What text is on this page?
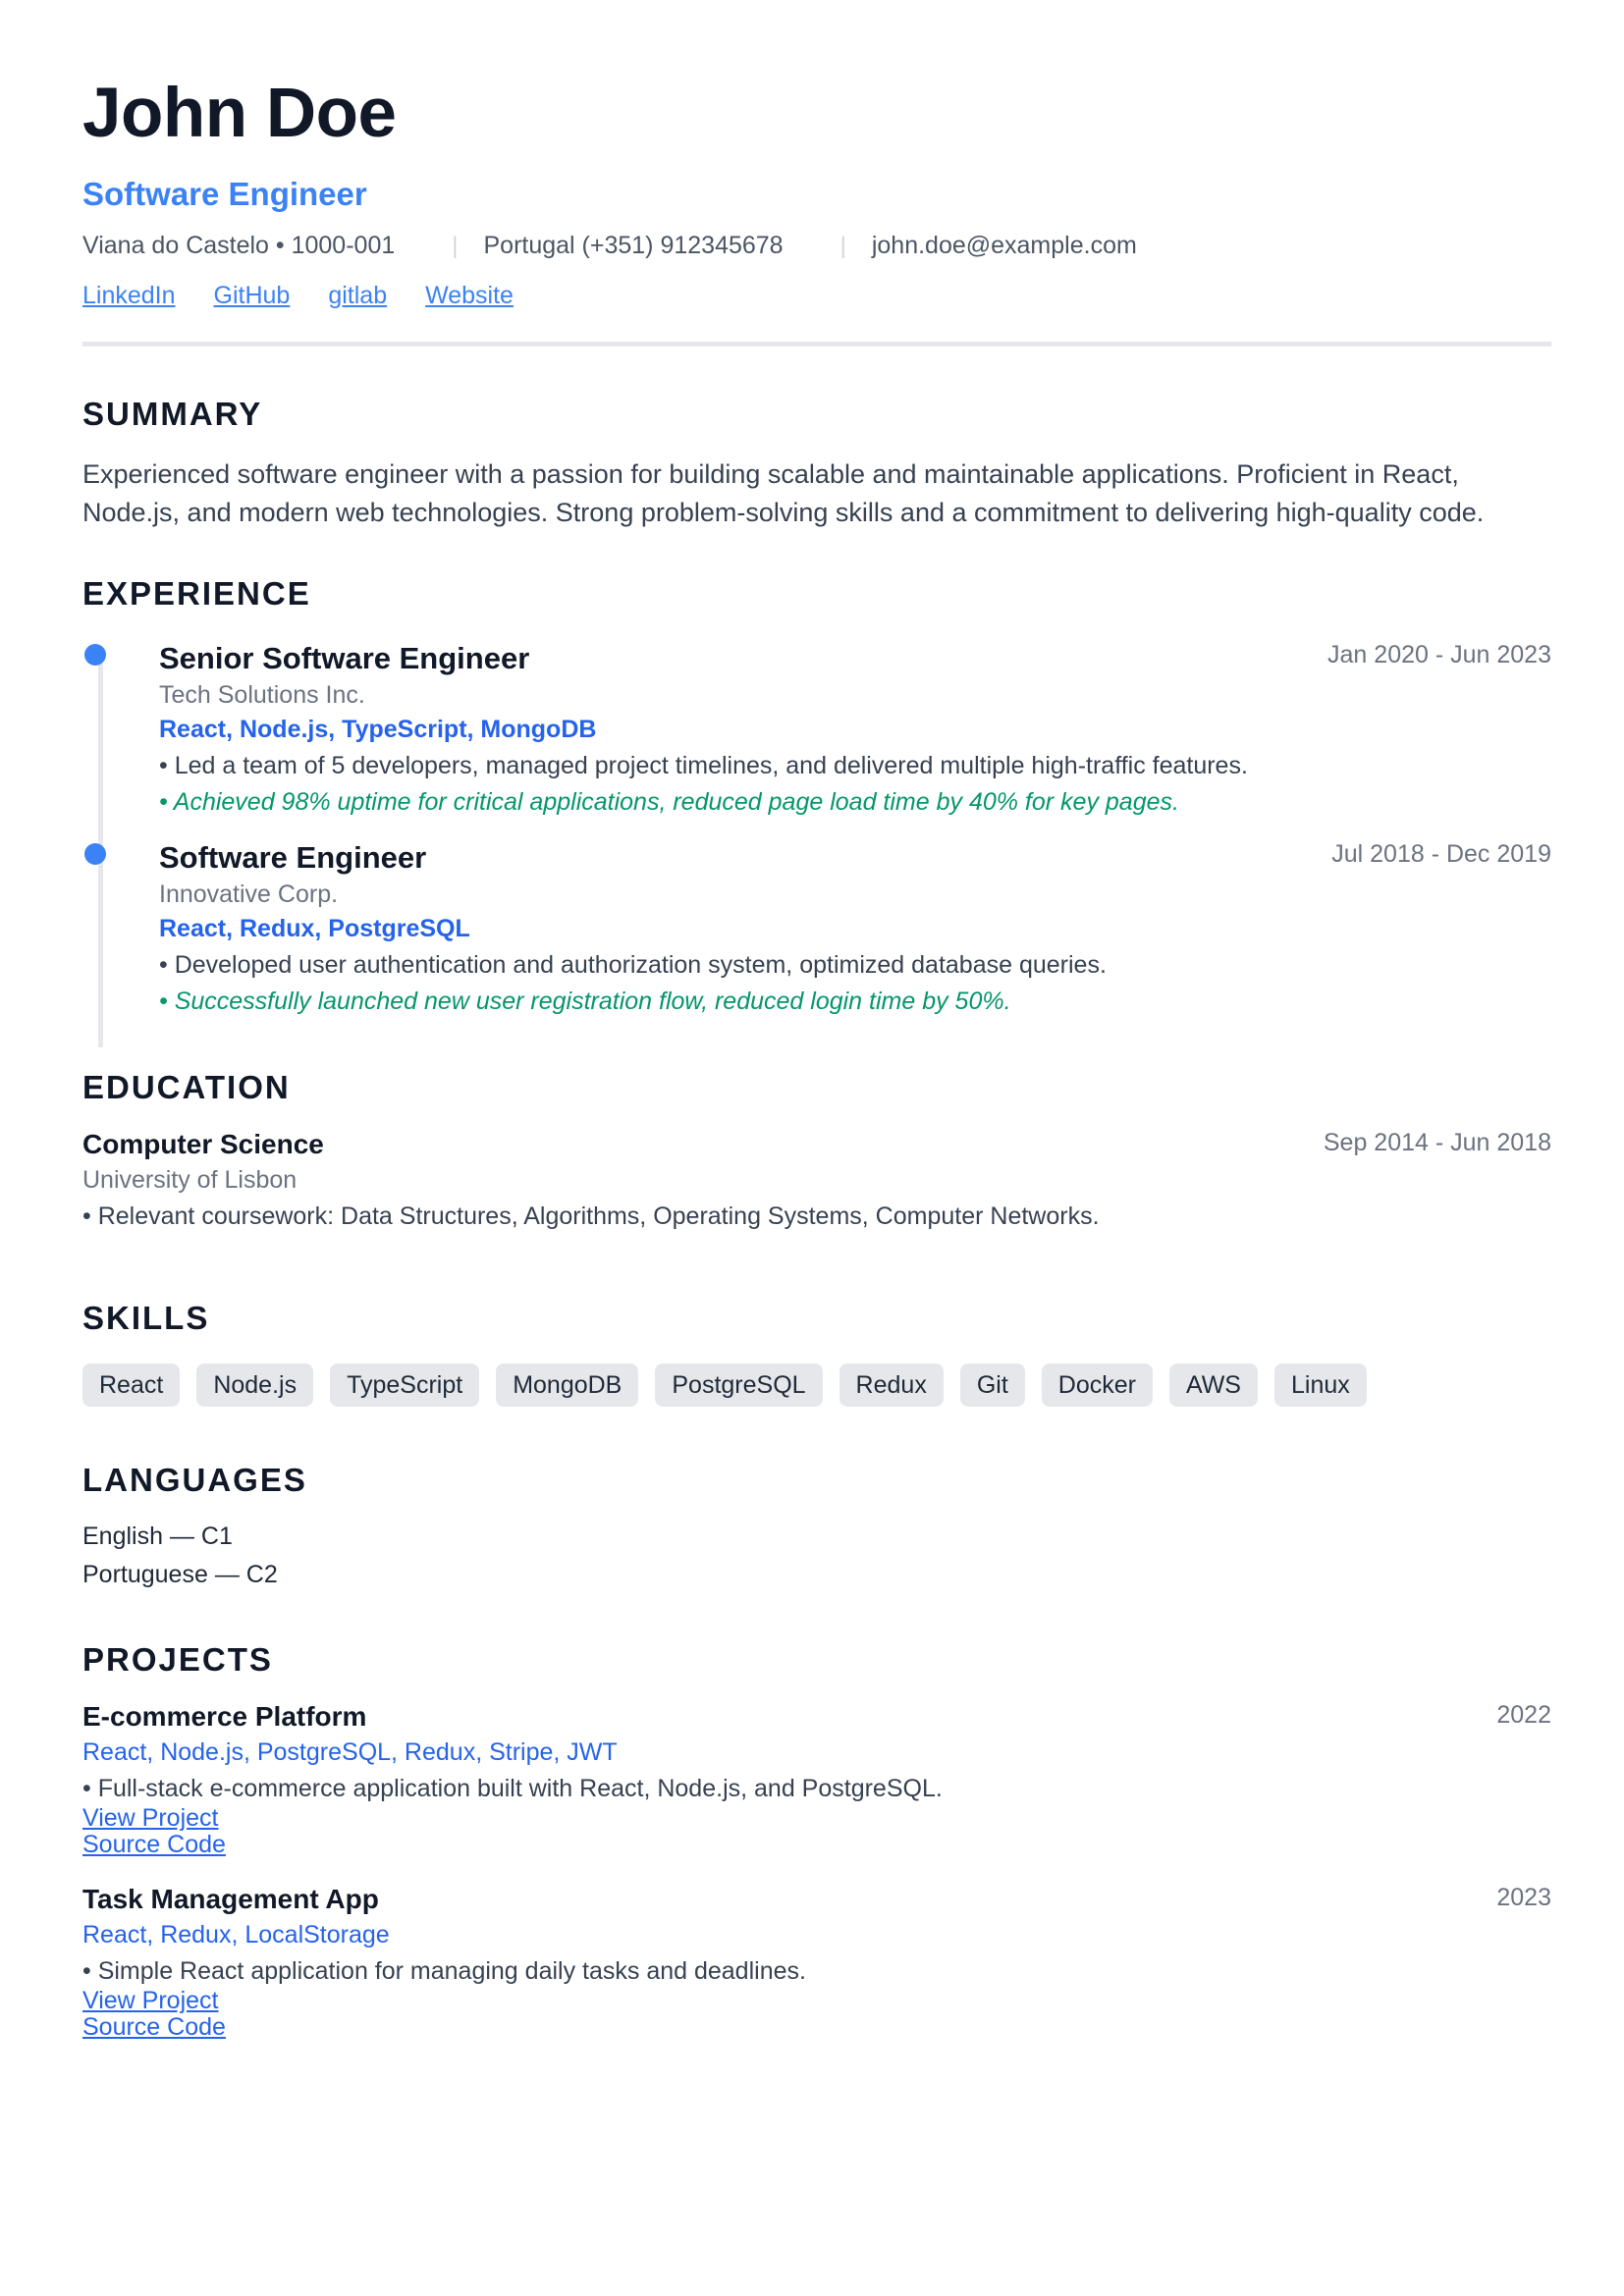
John Doe
Software Engineer
Viana do Castelo • 1000-001 | Portugal (+351) 912345678 | john.doe@example.com
LinkedIn GitHub gitlab Website
SUMMARY
Experienced software engineer with a passion for building scalable and maintainable applications. Proficient in React, Node.js, and modern web technologies. Strong problem-solving skills and a commitment to delivering high-quality code.
EXPERIENCE
Senior Software Engineer	Jan 2020 - Jun 2023
Tech Solutions Inc.
React, Node.js, TypeScript, MongoDB
• Led a team of 5 developers, managed project timelines, and delivered multiple high-traffic features.
• Achieved 98% uptime for critical applications, reduced page load time by 40% for key pages.
Software Engineer	Jul 2018 - Dec 2019
Innovative Corp.
React, Redux, PostgreSQL
• Developed user authentication and authorization system, optimized database queries.
• Successfully launched new user registration flow, reduced login time by 50%.
EDUCATION
Computer Science	Sep 2014 - Jun 2018
University of Lisbon
• Relevant coursework: Data Structures, Algorithms, Operating Systems, Computer Networks.
SKILLS
React	Node.js	TypeScript	MongoDB	PostgreSQL	Redux	Git	Docker	AWS	Linux
LANGUAGES
English — C1
Portuguese — C2
PROJECTS
E-commerce Platform	2022
React, Node.js, PostgreSQL, Redux, Stripe, JWT
• Full-stack e-commerce application built with React, Node.js, and PostgreSQL.
View Project
Source Code
Task Management App	2023
React, Redux, LocalStorage
• Simple React application for managing daily tasks and deadlines.
View Project
Source Code
